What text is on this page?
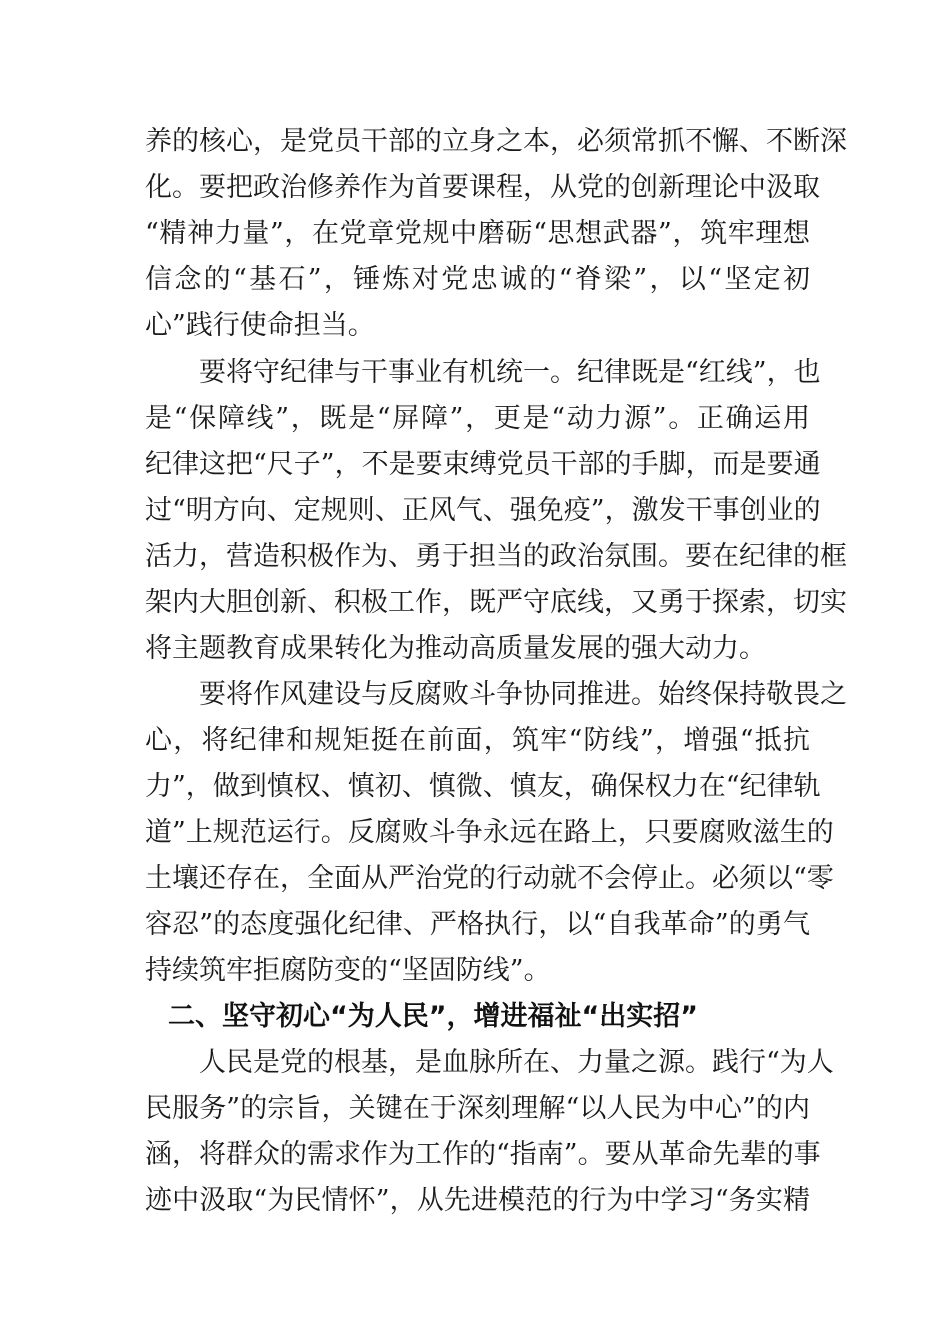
养的核心，是党员干部的立身之本，必须常抓不懈、不断深
化。要把政治修养作为首要课程，从党的创新理论中汲取
“精神力量”，在党章党规中磨砺“思想武器”，筑牢理想
信念的“基石”，锤炼对党忠诚的“脊梁”，以“坚定初
心”践行使命担当。
要将守纪律与干事业有机统一。纪律既是“红线”，也
是“保障线”，既是“屏障”，更是“动力源”。正确运用
纪律这把“尺子”，不是要束缚党员干部的手脚，而是要通
过“明方向、定规则、正风气、强免疫”，激发干事创业的
活力，营造积极作为、勇于担当的政治氛围。要在纪律的框
架内大胆创新、积极工作，既严守底线，又勇于探索，切实
将主题教育成果转化为推动高质量发展的强大动力。
要将作风建设与反腐败斗争协同推进。始终保持敬畏之
心，将纪律和规矩挺在前面，筑牢“防线”，增强“抵抗
力”，做到慎权、慎初、慎微、慎友，确保权力在“纪律轨
道”上规范运行。反腐败斗争永远在路上，只要腐败滋生的
土壤还存在，全面从严治党的行动就不会停止。必须以“零
容忍”的态度强化纪律、严格执行，以“自我革命”的勇气
持续筑牢拒腐防变的“坚固防线”。
二、坚守初心“为人民”，增进福祉“出实招”
人民是党的根基，是血脉所在、力量之源。践行“为人
民服务”的宗旨，关键在于深刻理解“以人民为中心”的内
涵，将群众的需求作为工作的“指南”。要从革命先辈的事
迹中汲取“为民情怀”，从先进模范的行为中学习“务实精
